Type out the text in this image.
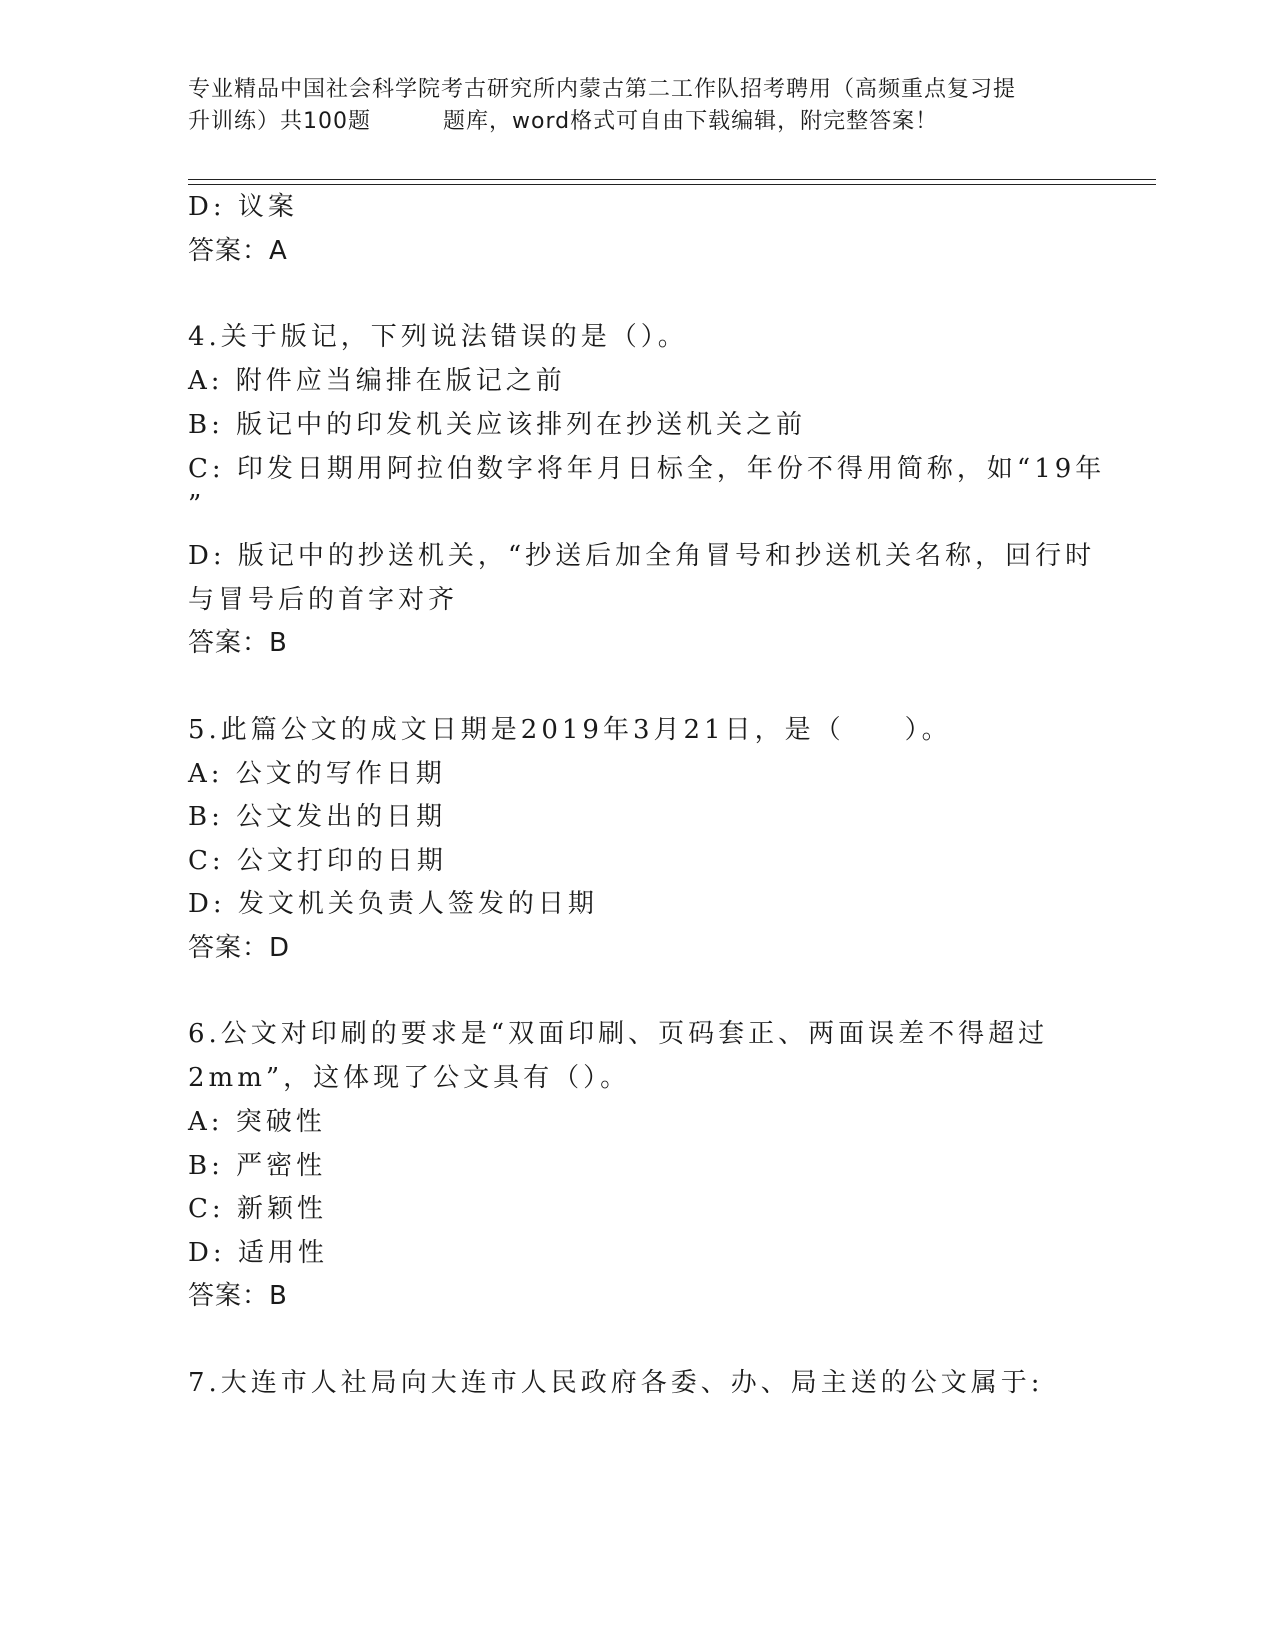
专业精品中国社会科学院考古研究所内蒙古第二工作队招考聘用（高频重点复习提
升训练）共100题	题库，word格式可自由下载编辑，附完整答案！
D: 议案
答案：A
4.关于版记，下列说法错误的是（）。
A: 附件应当编排在版记之前
B: 版记中的印发机关应该排列在抄送机关之前
C: 印发日期用阿拉伯数字将年月日标全，年份不得用简称，如“19年
”
D: 版记中的抄送机关，“抄送后加全角冒号和抄送机关名称，回行时
与冒号后的首字对齐
答案：B
5.此篇公文的成文日期是2019年3月21日，是（　　）。
A: 公文的写作日期
B: 公文发出的日期
C: 公文打印的日期
D: 发文机关负责人签发的日期
答案：D
6.公文对印刷的要求是“双面印刷、页码套正、两面误差不得超过
2mm”，这体现了公文具有（）。
A: 突破性
B: 严密性
C: 新颖性
D: 适用性
答案：B
7.大连市人社局向大连市人民政府各委、办、局主送的公文属于:
